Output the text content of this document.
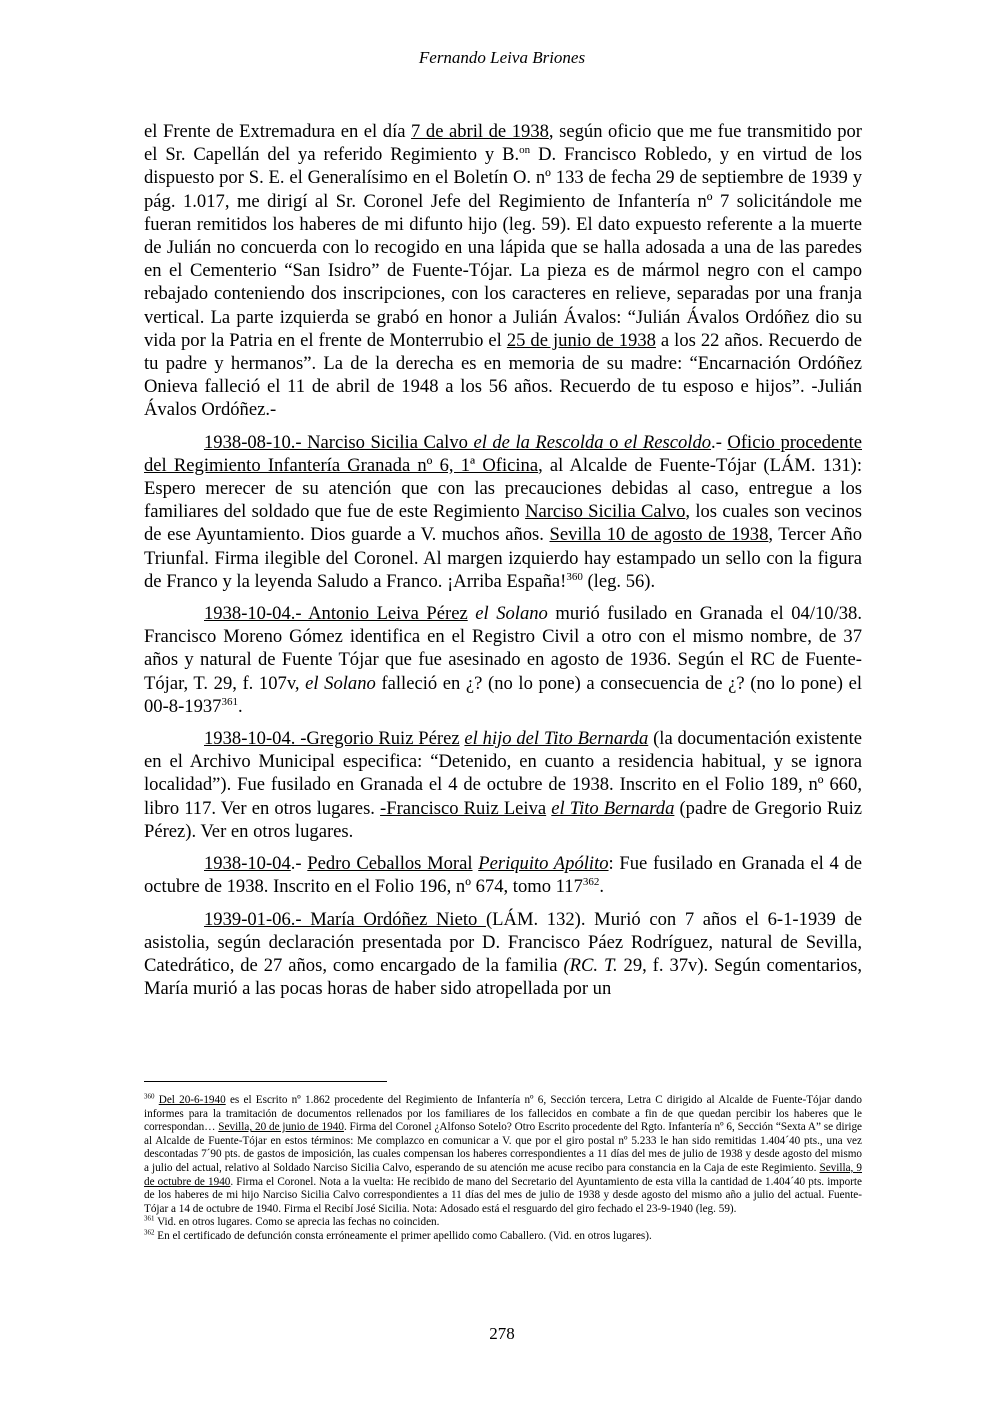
Fernando Leiva Briones

el Frente de Extremadura en el día 7 de abril de 1938, según oficio que me fue transmitido por el Sr. Capellán del ya referido Regimiento y B.$^{on}$ D. Francisco Robledo, y en virtud de los dispuesto por S. E. el Generalísimo en el Boletín O. nº 133 de fecha 29 de septiembre de 1939 y pág. 1.017, me dirigí al Sr. Coronel Jefe del Regimiento de Infantería nº 7 solicitándole me fueran remitidos los haberes de mi difunto hijo (leg. 59). El dato expuesto referente a la muerte de Julián no concuerda con lo recogido en una lápida que se halla adosada a una de las paredes en el Cementerio “San Isidro” de Fuente-Tójar. La pieza es de mármol negro con el campo rebajado conteniendo dos inscripciones, con los caracteres en relieve, separadas por una franja vertical. La parte izquierda se grabó en honor a Julián Ávalos: “Julián Ávalos Ordóñez dio su vida por la Patria en el frente de Monterrubio el 25 de junio de 1938 a los 22 años. Recuerdo de tu padre y hermanos”. La de la derecha es en memoria de su madre: “Encarnación Ordóñez Onieva falleció el 11 de abril de 1948 a los 56 años. Recuerdo de tu esposo e hijos”. -Julián Ávalos Ordóñez.-

1938-08-10.- Narciso Sicilia Calvo el de la Rescolda o el Rescoldo.- Oficio procedente del Regimiento Infantería Granada nº 6, 1ª Oficina, al Alcalde de Fuente-Tójar (LÁM. 131): Espero merecer de su atención que con las precauciones debidas al caso, entregue a los familiares del soldado que fue de este Regimiento Narciso Sicilia Calvo, los cuales son vecinos de ese Ayuntamiento. Dios guarde a V. muchos años. Sevilla 10 de agosto de 1938, Tercer Año Triunfal. Firma ilegible del Coronel. Al margen izquierdo hay estampado un sello con la figura de Franco y la leyenda Saludo a Franco. ¡Arriba España!$^{360}$ (leg. 56).

1938-10-04.- Antonio Leiva Pérez el Solano murió fusilado en Granada el 04/10/38. Francisco Moreno Gómez identifica en el Registro Civil a otro con el mismo nombre, de 37 años y natural de Fuente Tójar que fue asesinado en agosto de 1936. Según el RC de Fuente-Tójar, T. 29, f. 107v, el Solano falleció en ¿? (no lo pone) a consecuencia de ¿? (no lo pone) el 00-8-1937$^{361}$.

1938-10-04. -Gregorio Ruiz Pérez el hijo del Tito Bernarda (la documentación existente en el Archivo Municipal especifica: “Detenido, en cuanto a residencia habitual, y se ignora localidad”). Fue fusilado en Granada el 4 de octubre de 1938. Inscrito en el Folio 189, nº 660, libro 117. Ver en otros lugares. -Francisco Ruiz Leiva el Tito Bernarda (padre de Gregorio Ruiz Pérez). Ver en otros lugares.

1938-10-04.- Pedro Ceballos Moral Periquito Apólito: Fue fusilado en Granada el 4 de octubre de 1938. Inscrito en el Folio 196, nº 674, tomo $117^{362}$.

1939-01-06.- María Ordóñez Nieto (LÁM. 132). Murió con 7 años el 6-1-1939 de asistolia, según declaración presentada por D. Francisco Páez Rodríguez, natural de Sevilla, Catedrático, de 27 años, como encargado de la familia (RC. T. 29, f. 37v). Según comentarios, María murió a las pocas horas de haber sido atropellada por un

$^{360}$ Del 20-6-1940 es el Escrito nº 1.862 procedente del Regimiento de Infantería nº 6, Sección tercera, Letra C dirigido al Alcalde de Fuente-Tójar dando informes para la tramitación de documentos rellenados por los familiares de los fallecidos en combate a fin de que quedan percibir los haberes que le correspondan… Sevilla, 20 de junio de 1940. Firma del Coronel ¿Alfonso Sotelo? Otro Escrito procedente del Rgto. Infantería nº 6, Sección “Sexta A” se dirige al Alcalde de Fuente-Tójar en estos términos: Me complazco en comunicar a V. que por el giro postal nº 5.233 le han sido remitidas 1.404´40 pts., una vez descontadas 7´90 pts. de gastos de imposición, las cuales compensan los haberes correspondientes a 11 días del mes de julio de 1938 y desde agosto del mismo a julio del actual, relativo al Soldado Narciso Sicilia Calvo, esperando de su atención me acuse recibo para constancia en la Caja de este Regimiento. Sevilla, 9 de octubre de 1940. Firma el Coronel. Nota a la vuelta: He recibido de mano del Secretario del Ayuntamiento de esta villa la cantidad de 1.404´40 pts. importe de los haberes de mi hijo Narciso Sicilia Calvo correspondientes a 11 días del mes de julio de 1938 y desde agosto del mismo año a julio del actual. Fuente-Tójar a 14 de octubre de 1940. Firma el Recibí José Sicilia. Nota: Adosado está el resguardo del giro fechado el 23-9-1940 (leg. 59).

$^{361}$ Vid. en otros lugares. Como se aprecia las fechas no coinciden.

$^{362}$ En el certificado de defunción consta erróneamente el primer apellido como Caballero. (Vid. en otros lugares).

278
